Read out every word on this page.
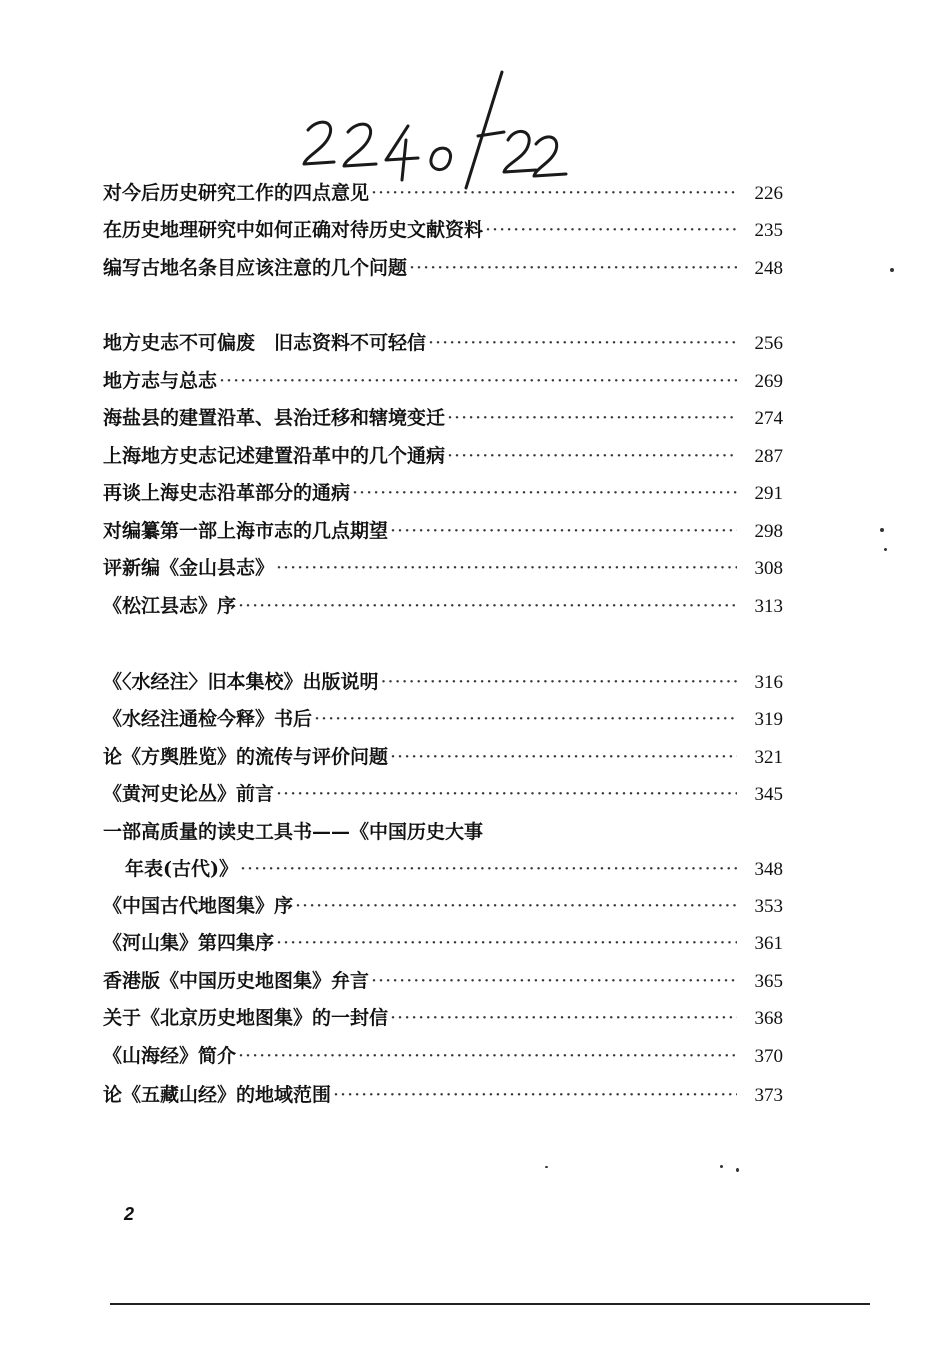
对今后历史研究工作的四点意见 ·····	226
在历史地理研究中如何正确对待历史文献资料 ·····	235
编写古地名条目应该注意的几个问题 ·····	248
地方史志不可偏废　旧志资料不可轻信 ·····	256
地方志与总志 ·····	269
海盐县的建置沿革、县治迁移和辖境变迁 ·····	274
上海地方史志记述建置沿革中的几个通病 ·····	287
再谈上海史志沿革部分的通病 ·····	291
对编纂第一部上海市志的几点期望 ·····	298
评新编《金山县志》 ·····	308
《松江县志》序 ·····	313
《〈水经注〉旧本集校》出版说明 ·····	316
《水经注通检今释》书后 ·····	319
论《方舆胜览》的流传与评价问题 ·····	321
《黄河史论丛》前言 ·····	345
一部高质量的读史工具书——《中国历史大事
年表(古代)》 ·····	348
《中国古代地图集》序 ·····	353
《河山集》第四集序 ·····	361
香港版《中国历史地图集》弁言 ·····	365
关于《北京历史地图集》的一封信 ·····	368
《山海经》简介 ·····	370
论《五藏山经》的地域范围 ·····	373
2
